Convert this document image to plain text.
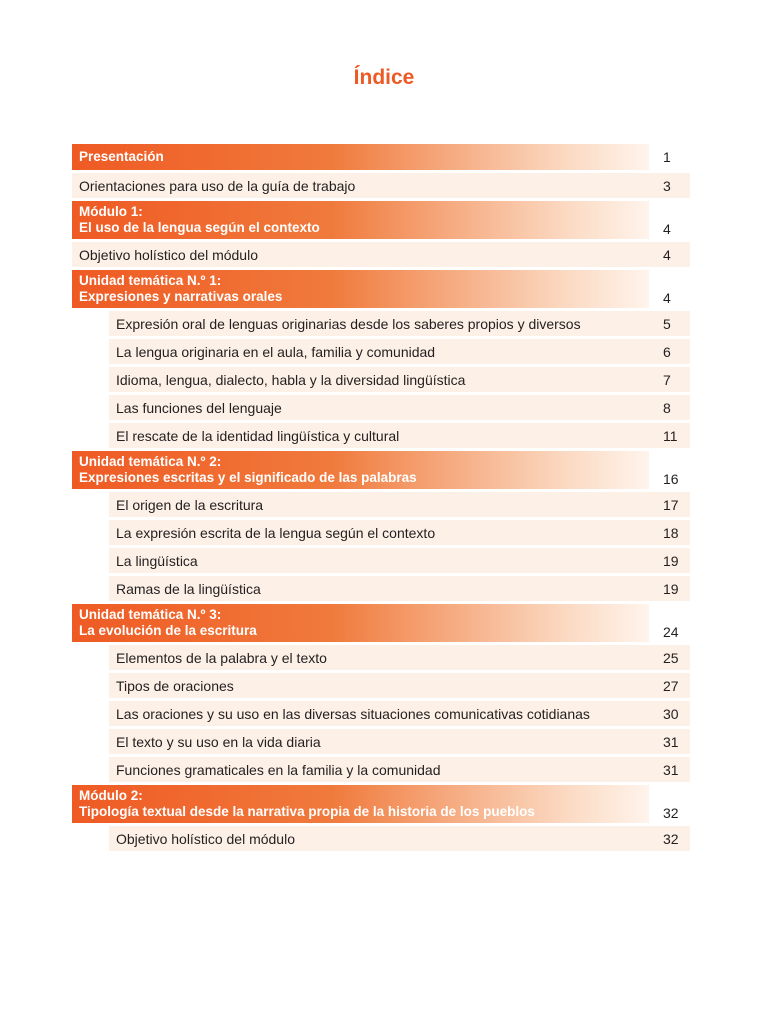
Índice
Presentación	1
Orientaciones para uso de la guía de trabajo	3
Módulo 1:
El uso de la lengua según el contexto	4
Objetivo holístico del módulo	4
Unidad temática N.º 1:
Expresiones y narrativas orales	4
Expresión oral de lenguas originarias desde los saberes propios y diversos	5
La lengua originaria en el aula, familia y comunidad	6
Idioma, lengua, dialecto, habla y la diversidad lingüística	7
Las funciones del lenguaje	8
El rescate de la identidad lingüística y cultural	11
Unidad temática N.º 2:
Expresiones escritas y el significado de las palabras	16
El origen de la escritura	17
La expresión escrita de la lengua según el contexto	18
La lingüística	19
Ramas de la lingüística	19
Unidad temática N.º 3:
La evolución de la escritura	24
Elementos de la palabra y el texto	25
Tipos de oraciones	27
Las oraciones y su uso en las diversas situaciones comunicativas cotidianas	30
El texto y su uso en la vida diaria	31
Funciones gramaticales en la familia y la comunidad	31
Módulo 2:
Tipología textual desde la narrativa propia de la historia de los pueblos	32
Objetivo holístico del módulo	32
